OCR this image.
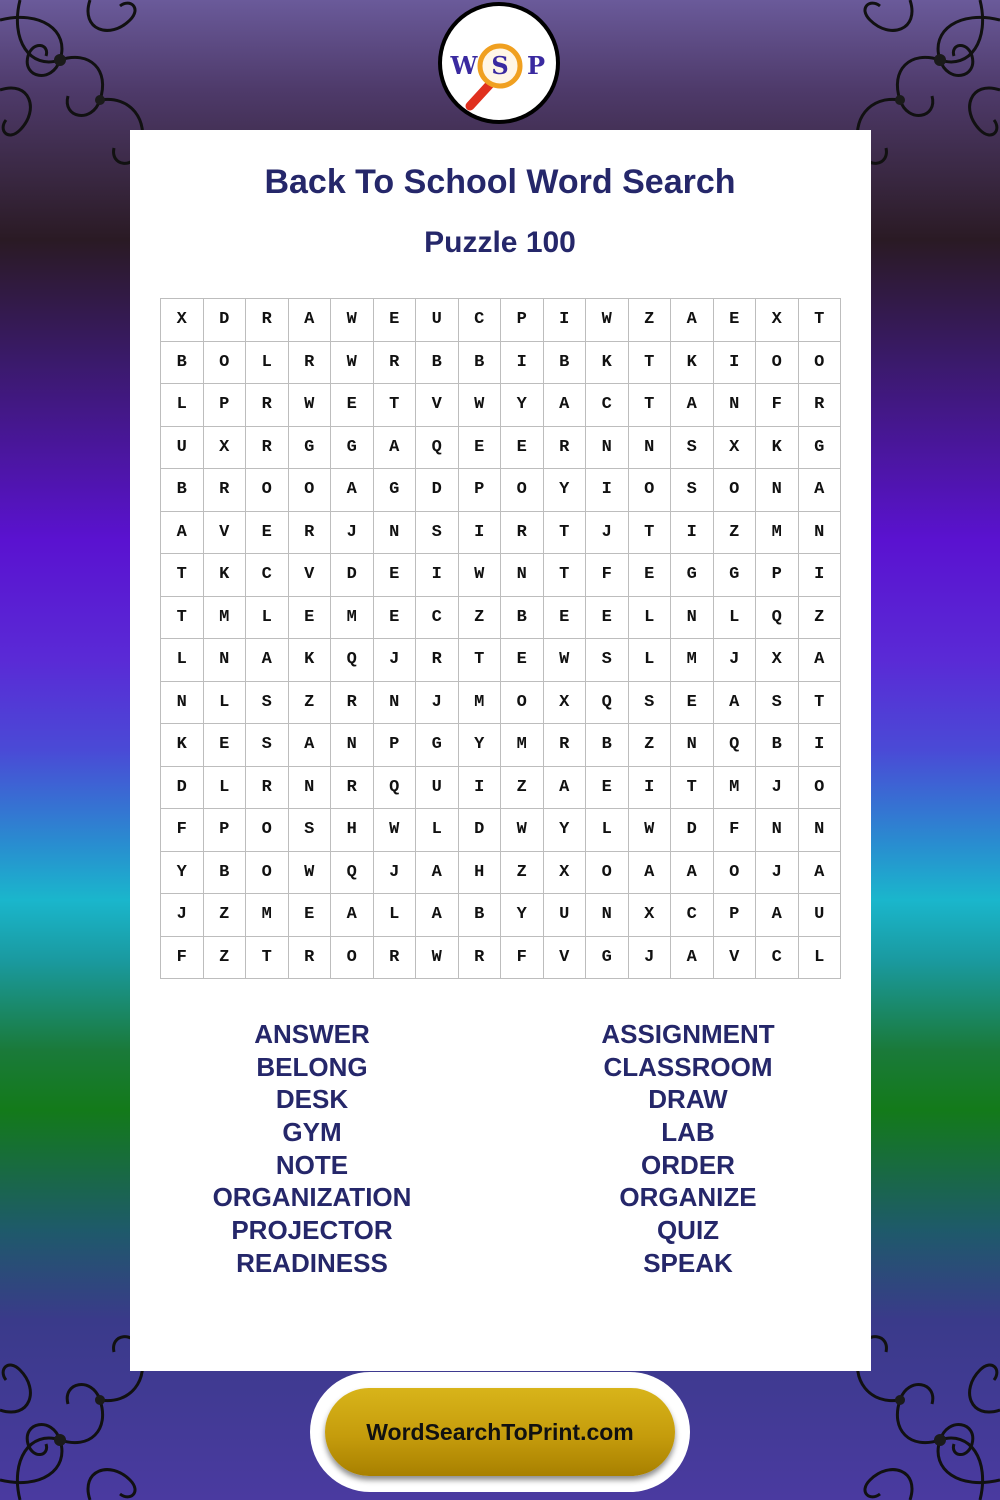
W S P
Back To School Word Search
Puzzle 100
X	D	R	A	W	E	U	C	P	I	W	Z	A	E	X	T
B	O	L	R	W	R	B	B	I	B	K	T	K	I	O	O
L	P	R	W	E	T	V	W	Y	A	C	T	A	N	F	R
U	X	R	G	G	A	Q	E	E	R	N	N	S	X	K	G
B	R	O	O	A	G	D	P	O	Y	I	O	S	O	N	A
A	V	E	R	J	N	S	I	R	T	J	T	I	Z	M	N
T	K	C	V	D	E	I	W	N	T	F	E	G	G	P	I
T	M	L	E	M	E	C	Z	B	E	E	L	N	L	Q	Z
L	N	A	K	Q	J	R	T	E	W	S	L	M	J	X	A
N	L	S	Z	R	N	J	M	O	X	Q	S	E	A	S	T
K	E	S	A	N	P	G	Y	M	R	B	Z	N	Q	B	I
D	L	R	N	R	Q	U	I	Z	A	E	I	T	M	J	O
F	P	O	S	H	W	L	D	W	Y	L	W	D	F	N	N
Y	B	O	W	Q	J	A	H	Z	X	O	A	A	O	J	A
J	Z	M	E	A	L	A	B	Y	U	N	X	C	P	A	U
F	Z	T	R	O	R	W	R	F	V	G	J	A	V	C	L
ANSWER
BELONG
DESK
GYM
NOTE
ORGANIZATION
PROJECTOR
READINESS
ASSIGNMENT
CLASSROOM
DRAW
LAB
ORDER
ORGANIZE
QUIZ
SPEAK
WordSearchToPrint.com
